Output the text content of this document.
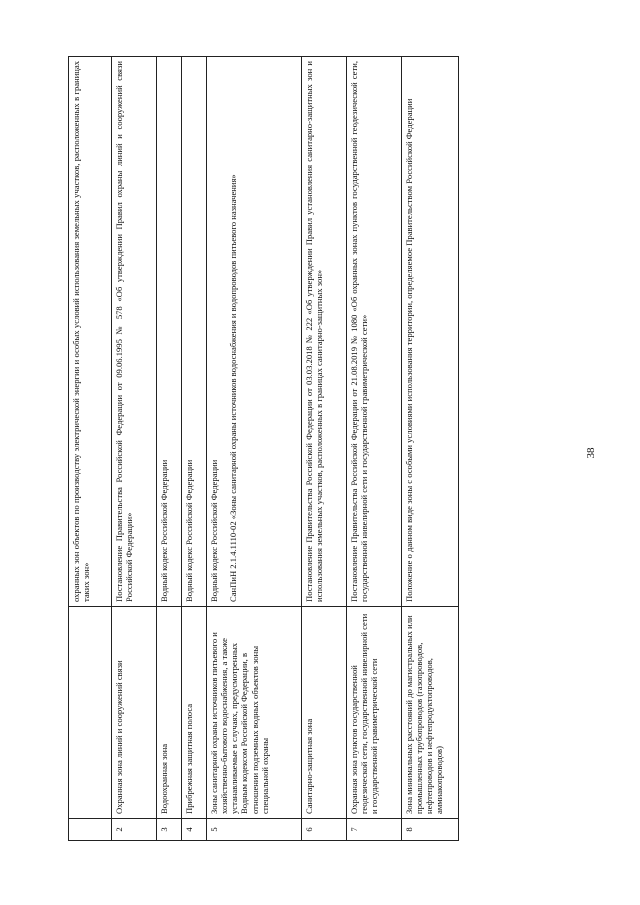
38

		охранных зон объектов по производству электрической энергии и особых условий использования земельных участков, расположенных в границах таких зон»

2	Охранная зона линий и сооружений связи	Постановление Правительства Российской Федерации от 09.06.1995 № 578 «Об утверждении Правил охраны линий и сооружений связи Российской Федерации»

3	Водоохранная зона	Водный кодекс Российской Федерации

4	Прибрежная защитная полоса	Водный кодекс Российской Федерации

5	Зоны санитарной охраны источников питьевого и хозяйственно-бытового водоснабжения, а также устанавливаемые в случаях, предусмотренных Водным кодексом Российской Федерации, в отношении подземных водных объектов зоны специальной охраны	Водный кодекс Российской Федерации СанПиН 2.1.4.1110-02 «Зоны санитарной охраны источников водоснабжения и водопроводов питьевого назначения»

6	Санитарно-защитная зона	Постановление Правительства Российской Федерации от 03.03.2018 № 222 «Об утверждении Правил установления санитарно-защитных зон и использования земельных участков, расположенных в границах санитарно-защитных зон»

7	Охранная зона пунктов государственной геодезической сети, государственной нивелирной сети и государственной гравиметрической сети	Постановление Правительства Российской Федерации от 21.08.2019 № 1080 «Об охранных зонах пунктов государственной геодезической сети, государственной нивелирной сети и государственной гравиметрической сети»

8	Зона минимальных расстояний до магистральных или промышленных трубопроводов (газопроводов, нефтепроводов и нефтепродуктопроводов, аммиакопроводов)	Положение о данном виде зоны с особыми условиями использования территории, определяемое Правительством Российской Федерации
